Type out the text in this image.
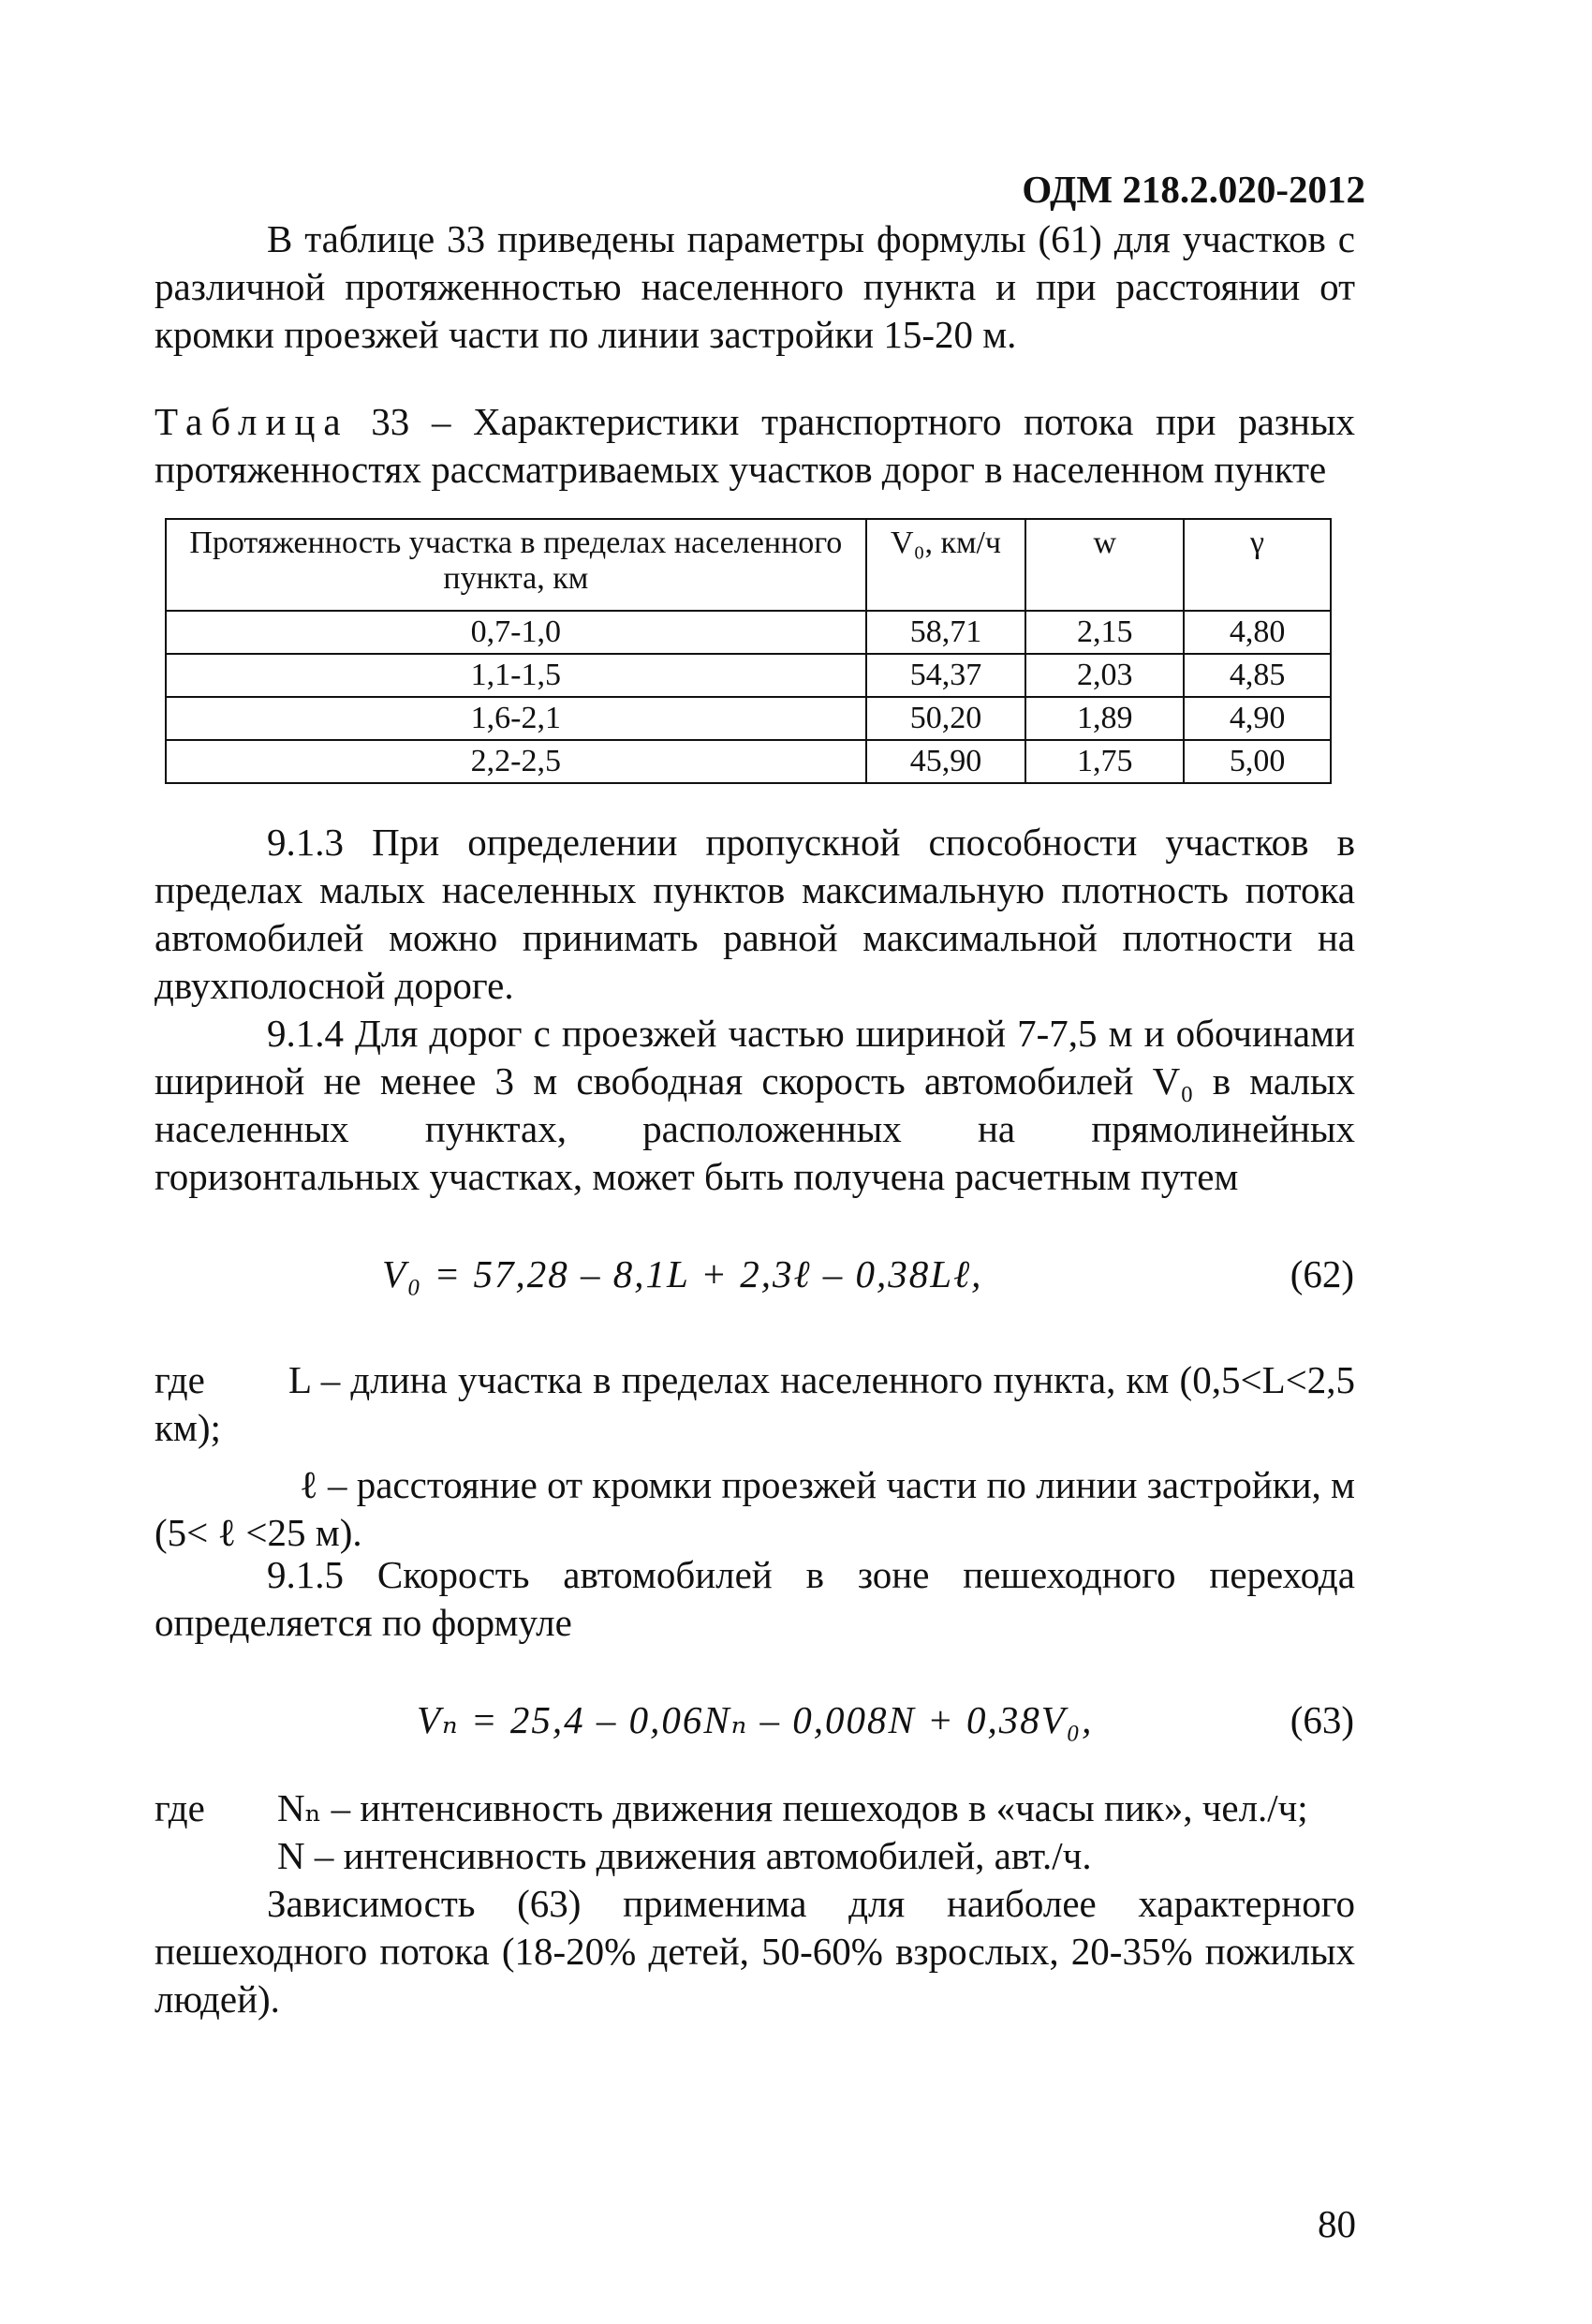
ОДМ 218.2.020-2012
В таблице 33 приведены параметры формулы (61) для участков с различной протяженностью населенного пункта и при расстоянии от кромки проезжей части по линии застройки 15-20 м.
Таблица 33 – Характеристики транспортного потока при разных протяженностях рассматриваемых участков дорог в населенном пункте
Протяженность участка в пределах населенного пункта, км	V₀, км/ч	w	γ
0,7-1,0	58,71	2,15	4,80
1,1-1,5	54,37	2,03	4,85
1,6-2,1	50,20	1,89	4,90
2,2-2,5	45,90	1,75	5,00
9.1.3 При определении пропускной способности участков в пределах малых населенных пунктов максимальную плотность потока автомобилей можно принимать равной максимальной плотности на двухполосной дороге.
9.1.4 Для дорог с проезжей частью шириной 7-7,5 м и обочинами шириной не менее 3 м свободная скорость автомобилей V₀ в малых населенных пунктах, расположенных на прямолинейных горизонтальных участках, может быть получена расчетным путем
V₀ = 57,28 – 8,1L + 2,3ℓ – 0,38Lℓ,	(62)
где L – длина участка в пределах населенного пункта, км (0,5<L<2,5 км);
ℓ – расстояние от кромки проезжей части по линии застройки, м (5< ℓ <25 м).
9.1.5 Скорость автомобилей в зоне пешеходного перехода определяется по формуле
Vₙ = 25,4 – 0,06Nₙ – 0,008N + 0,38V₀,	(63)
где Nₙ – интенсивность движения пешеходов в «часы пик», чел./ч;
N – интенсивность движения автомобилей, авт./ч.
Зависимость (63) применима для наиболее характерного пешеходного потока (18-20% детей, 50-60% взрослых, 20-35% пожилых людей).
80
